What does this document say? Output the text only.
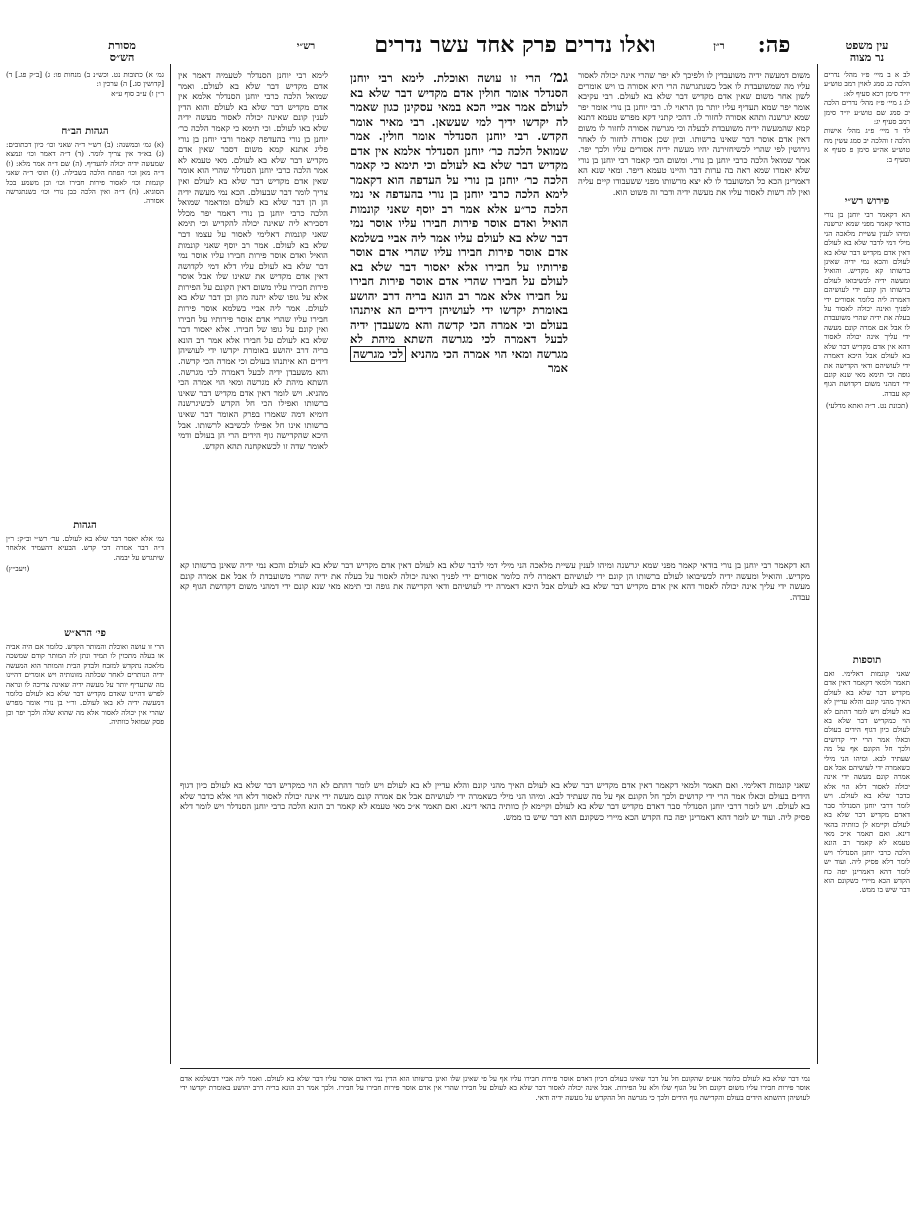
עין משפט
נר מצוה
פה:
ר״ן
ואלו נדרים פרק אחד עשר נדרים
רש״י
מסורת
הש״ס
לב א ב מיי׳ פ״ו מהל׳ נדרים הלכה כג סמג לאוין רמב טוש״ע יו״ד סימן רכא סעיף לא:
לג ג מיי׳ פ״ז מהל׳ נדרים הלכה יב סמג שם טוש״ע יו״ד סימן רמב סעיף יג:
לד ד מיי׳ פ״ג מהל׳ אישות הלכה ז והלכה יב סמג עשין מח טוש״ע אה״ע סימן פ סעיף א וסעיף ב:
פירוש רש״י
הא דקאמר רבי יוחנן בן נורי בודאי קאמר מפני שמא יגרשנה ומיהו לענין עשיית מלאכה הני מילי דמי לדבר שלא בא לעולם דאין אדם מקדיש דבר שלא בא לעולם והכא נמי ידיה שאינן ברשותו קא מקדיש. והואיל ומעשה ידיה לכשיבואו לעולם ברשותו הן קונם ידי לעושיהם דאמרה ליה כלומר אסורים ידי לפניך ואינה יכולה לאסור על בעלה את ידיה שהרי משועבדת לו אבל אם אמרה קונם מעשה ידי עליך אינה יכולה לאסור דהא אין אדם מקדיש דבר שלא בא לעולם אבל היכא דאמרה ידי לעושיהם ודאי הקדישה את גופה וכי תימא מאי שנא קונם ידי דמהני משום דקדושת הגוף קא עבדה.
(תכונת נט. ד״ה ואתא מדלעי)
תוספות
שאני קונמות דאלימי. ואם תאמר ולמאי דקאמר דאין אדם מקדיש דבר שלא בא לעולם האיך מהני קונם והלא עדיין לא בא לעולם ויש לומר דהתם לא הוי כמקדיש דבר שלא בא לעולם כיון דגוף הידים בעולם וכאלו אמר הרי ידי קדושים ולכך חל הקונם אף על מה שעתיד לבא. ומיהו הני מילי כשאמרה ידי לעושיהם אבל אם אמרה קונם מעשה ידי אינה יכולה לאסור דלא הוי אלא כדבר שלא בא לעולם. ויש לומר דרבי יוחנן הסנדלר סבר דאדם מקדיש דבר שלא בא לעולם וקיימא לן כוותיה בהאי דינא. ואם תאמר א״כ מאי טעמא לא קאמר רב הונא הלכה כרבי יוחנן הסנדלר ויש לומר דלא פסיק ליה. ועוד יש לומר דהא דאמרינן יפה כח הקדש הכא מיירי כשקונם הוא דבר שיש בו ממש.
גמ׳ א) כתובות נט. וכש״נ ב) מנחות פו: ג) [ב״ק פג.] ד) [קדושין סג.] ה) ערכין ו:
ר״ן ו) ע״ב סוף ע״א
הגהות הב״ח
(א) גמ׳ ובמשנה: (ב) רש״י ד״ה שאני וכו׳ כיון דכתובים: (ג) בא״ד אין צריך לומר. (ד) ד״ה דאמר וכו׳ ונמצא שמעשה ידיה יכולה להעדיף. (ה) שם ד״ה אמר מלא: (ו) ד״ה מאן וכו׳ הפתח הלכה בשבילה. (ז) תוס׳ ד״ה שאני קונמות וכו׳ לאסור פירות חבירו וכו׳ וכן משמע בכל הסוגיא. (ח) ד״ה ואין הלכה כבן נורי וכו׳ כשנתגרשה אסורה.
הגהות
גמ׳ אלא יאסר דבר שלא בא לעולם. ער׳ רש״י וב״ק: ר״ן ד״ה דבר אמרה דכי קדש. הבעיא דהעמיד אלאחר שיתגרש על יבמה.
(ויעב״ץ)
פי׳ הרא״ש
הרי זו עושה ואוכלת והמותר הקדש. כלומר אם היה אביה או בעלה מתכוין לו תמיד ונתן לה המותר קודם שמשכה מלאכה נתקדש למזבח ולבדק הבית והמותר הוא המעשה ידיה הנותרים לאחר שכלתה מזונותיה ויש אומרים דהיינו מה שתעדיף יותר על מעשה ידיה שאינה צריכה לו ונראה לפרש דהיינו שאדם מקדיש דבר שלא בא לעולם כלומר דמעשה ידיה לא באו לעולם. ור״י בן נורי אומר מפרש שהרי אין יכולה לאסור אלא מה שהוא שלה ולכך יפר וכן פסק שמואל כוותיה.
משום דמעשה ידיה משועבדין לו ולפיכך לא יפר שהרי אינה יכולה לאסור עליו מה שמשועבדת לו אבל כשנתגרשה הרי היא אסורה בו ויש אומרים לשון אחר משום שאין אדם מקדיש דבר שלא בא לעולם. רבי עקיבא אומר יפר שמא תעדיף עליו יותר מן הראוי לו. רבי יוחנן בן נורי אומר יפר שמא יגרשנה ותהא אסורה לחזור לו. דהכי קתני דקא מפרש טעמא דתנא קמא שהמעשה ידיה משועבדת לבעלה וכי מגרשה אסורה לחזור לו משום דאין אדם אוסר דבר שאינו ברשותו. וכיון שכן אסורה לחזור לו לאחר גירושין לפי שהרי לכשיחזירנה יהיו מעשה ידיה אסורים עליו ולכך יפר. אמר שמואל הלכה כרבי יוחנן בן נורי. ומשום הכי קאמר רבי יוחנן בן נורי שלא יאמרו שמא ראה בה ערות דבר והיינו טעמא דיפר. ומאי שנא הא דאמרינן הכא כל המשועבד לו לא יצא מרשותו מפני ששעבודו קיים עליה ואין לה רשות לאסור עליו את מעשה ידיה ודבר זה פשוט הוא.
לימא רבי יוחנן הסנדלר לטעמיה דאמר אין אדם מקדיש דבר שלא בא לעולם. ואמר שמואל הלכה כרבי יוחנן הסנדלר אלמא אין אדם מקדיש דבר שלא בא לעולם והוא הדין לענין קונם שאינה יכולה לאסור מעשה ידיה שלא באו לעולם. וכי תימא כי קאמר הלכה כר׳ יוחנן בן נורי בהעדפה קאמר ורבי יוחנן בן נורי פליג אתנא קמא משום דסבר שאין אדם מקדיש דבר שלא בא לעולם. מאי טעמא לא אמר הלכה כרבי יוחנן הסנדלר שהרי הוא אומר שאין אדם מקדיש דבר שלא בא לעולם ואין צריך לומר דבר שבעולם. הכא נמי מעשה ידיה הן הן דבר שלא בא לעולם ומדאמר שמואל הלכה כרבי יוחנן בן נורי דאמר יפר מכלל דסבירא ליה שאינה יכולה להקדיש וכי תימא שאני קונמות דאלימי לאסור על עצמו דבר שלא בא לעולם. אמר רב יוסף שאני קונמות הואיל ואדם אוסר פירות חבירו עליו אוסר נמי דבר שלא בא לעולם עליו דלא דמי לקדושה דאין אדם מקדיש את שאינו שלו אבל אוסר פירות חבירו עליו משום דאין הקונם על הפירות אלא על גופו שלא יהנה מהן וכן דבר שלא בא לעולם. אמר ליה אביי בשלמא אוסר פירות חבירו עליו שהרי אדם אוסר פירותיו על חבירו ואין קונם על גופו של חבירו. אלא יאסור דבר שלא בא לעולם על חבירו אלא אמר רב הונא בריה דרב יהושע באומרת יקדשו ידי לעושיהן דידים הא איתנהו בעולם וכי אמרה הכי קדשה. והא משעבדן ידיה לבעל דאמרה לכי מגרשה. השתא מיהת לא מגרשה ומאי הוי אמרה הכי מהניא. ויש לומר דאין אדם מקדיש דבר שאינו ברשותו ואפילו הכי חל הקדש לכשיגרשנה דומיא דמה שאמרו בפרק האומר דבר שאינו ברשותו אינו חל אפילו לכשיבא לרשותו. אבל היכא שהקדישה גוף הידים הרי הן בעולם ודמי לאומר שדה זו לכשאקחנה תהא הקדש.
גמ׳ הרי זו עושה ואוכלת. לימא רבי יוחנן הסנדלר אומר חולין אדם מקדיש דבר שלא בא לעולם אמר אביי הכא במאי עסקינן כגון שאמר לה יקדשו ידיך למי שעשאן. רבי מאיר אומר הקדש. רבי יוחנן הסנדלר אומר חולין. אמר שמואל הלכה כר׳ יוחנן הסנדלר אלמא אין אדם מקדיש דבר שלא בא לעולם וכי תימא כי קאמר הלכה כר׳ יוחנן בן נורי על העדפה הוא דקאמר לימא הלכה כרבי יוחנן בן נורי בהעדפה אי נמי הלכה כר״ע אלא אמר רב יוסף שאני קונמות הואיל ואדם אוסר פירות חבירו עליו אוסר נמי דבר שלא בא לעולם עליו אמר ליה אביי בשלמא אדם אוסר פירות חבירו עליו שהרי אדם אוסר פירותיו על חבירו אלא יאסור דבר שלא בא לעולם על חבירו שהרי אדם אוסר פירות חבירו על חבירו אלא אמר רב הונא בריה דרב יהושע באומרת יקדשו ידי לעושיהן דידים הא איתנהו בעולם וכי אמרה הכי קדשה והא משעבדן ידיה לבעל דאמרה לכי מגרשה השתא מיהת לא מגרשה ומאי הוי אמרה הכי מהניא לכי מגרשה אמר
הא דקאמר רבי יוחנן בן נורי בודאי קאמר מפני שמא יגרשנה ומיהו לענין עשיית מלאכה הני מילי דמי לדבר שלא בא לעולם דאין אדם מקדיש דבר שלא בא לעולם והכא נמי ידיה שאינן ברשותו קא מקדיש. והואיל ומעשה ידיה לכשיבואו לעולם ברשותו הן קונם ידי לעושיהם דאמרה ליה כלומר אסורים ידי לפניך ואינה יכולה לאסור על בעלה את ידיה שהרי משועבדת לו אבל אם אמרה קונם מעשה ידי עליך אינה יכולה לאסור דהא אין אדם מקדיש דבר שלא בא לעולם אבל היכא דאמרה ידי לעושיהם ודאי הקדישה את גופה וכי תימא מאי שנא קונם ידי דמהני משום דקדושת הגוף קא עבדה.
שאני קונמות דאלימי. ואם תאמר ולמאי דקאמר דאין אדם מקדיש דבר שלא בא לעולם האיך מהני קונם והלא עדיין לא בא לעולם ויש לומר דהתם לא הוי כמקדיש דבר שלא בא לעולם כיון דגוף הידים בעולם וכאלו אמר הרי ידי קדושים ולכך חל הקונם אף על מה שעתיד לבא. ומיהו הני מילי כשאמרה ידי לעושיהם אבל אם אמרה קונם מעשה ידי אינה יכולה לאסור דלא הוי אלא כדבר שלא בא לעולם. ויש לומר דרבי יוחנן הסנדלר סבר דאדם מקדיש דבר שלא בא לעולם וקיימא לן כוותיה בהאי דינא. ואם תאמר א״כ מאי טעמא לא קאמר רב הונא הלכה כרבי יוחנן הסנדלר ויש לומר דלא פסיק ליה. ועוד יש לומר דהא דאמרינן יפה כח הקדש הכא מיירי כשקונם הוא דבר שיש בו ממש.
נמי דבר שלא בא לעולם כלומר אע״פ שהקונם חל על דבר שאינו בעולם דכיון דאדם אוסר פירות חבירו עליו אף על פי שאינן שלו ואינן ברשותו הוא הדין נמי דאדם אוסר עליו דבר שלא בא לעולם. ואמר ליה אביי דבשלמא אדם אוסר פירות חבירו עליו משום דקונם חל על הגוף שלו ולא על הפירות. אבל אינה יכולה לאסור דבר שלא בא לעולם על חבירו שהרי אין אדם אוסר פירות חבירו על חבירו. ולכך אמר רב הונא בריה דרב יהושע באומרת יקדשו ידי לעושיהן דהשתא הידים בעולם והקדישה גוף הידים ולכך כי מגרשה חל ההקדש על מעשה ידיה ודאי.
